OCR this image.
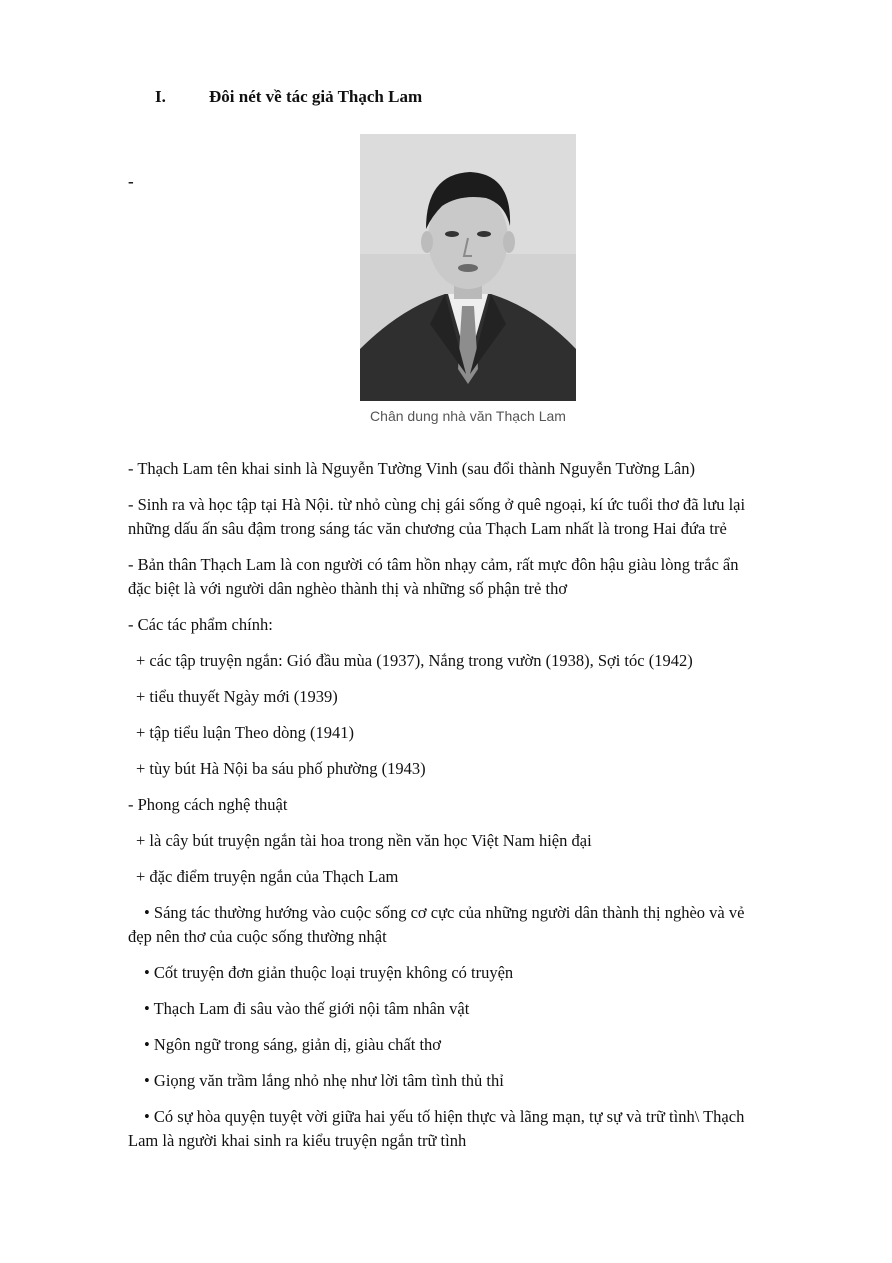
I.	Đôi nét về tác giả Thạch Lam
-
Chân dung nhà văn Thạch Lam

- Thạch Lam tên khai sinh là Nguyễn Tường Vinh (sau đổi thành Nguyễn Tường Lân)

- Sinh ra và học tập tại Hà Nội. từ nhỏ cùng chị gái sống ở quê ngoại, kí ức tuổi thơ đã lưu lại

những dấu ấn sâu đậm trong sáng tác văn chương của Thạch Lam nhất là trong Hai đứa trẻ

- Bản thân Thạch Lam là con người có tâm hồn nhạy cảm, rất mực đôn hậu giàu lòng trắc ẩn

đặc biệt là với người dân nghèo thành thị và những số phận trẻ thơ

- Các tác phẩm chính:

+ các tập truyện ngắn: Gió đầu mùa (1937), Nắng trong vườn (1938), Sợi tóc (1942)

+ tiểu thuyết Ngày mới (1939)

+ tập tiểu luận Theo dòng (1941)

+ tùy bút Hà Nội ba sáu phố phường (1943)

- Phong cách nghệ thuật

+ là cây bút truyện ngắn tài hoa trong nền văn học Việt Nam hiện đại

+ đặc điểm truyện ngắn của Thạch Lam

• Sáng tác thường hướng vào cuộc sống cơ cực của những người dân thành thị nghèo và vẻ

đẹp nên thơ của cuộc sống thường nhật

• Cốt truyện đơn giản thuộc loại truyện không có truyện

• Thạch Lam đi sâu vào thế giới nội tâm nhân vật

• Ngôn ngữ trong sáng, giản dị, giàu chất thơ

• Giọng văn trầm lắng nhỏ nhẹ như lời tâm tình thủ thỉ

• Có sự hòa quyện tuyệt vời giữa hai yếu tố hiện thực và lãng mạn, tự sự và trữ tình\ Thạch

Lam là người khai sinh ra kiểu truyện ngắn trữ tình
